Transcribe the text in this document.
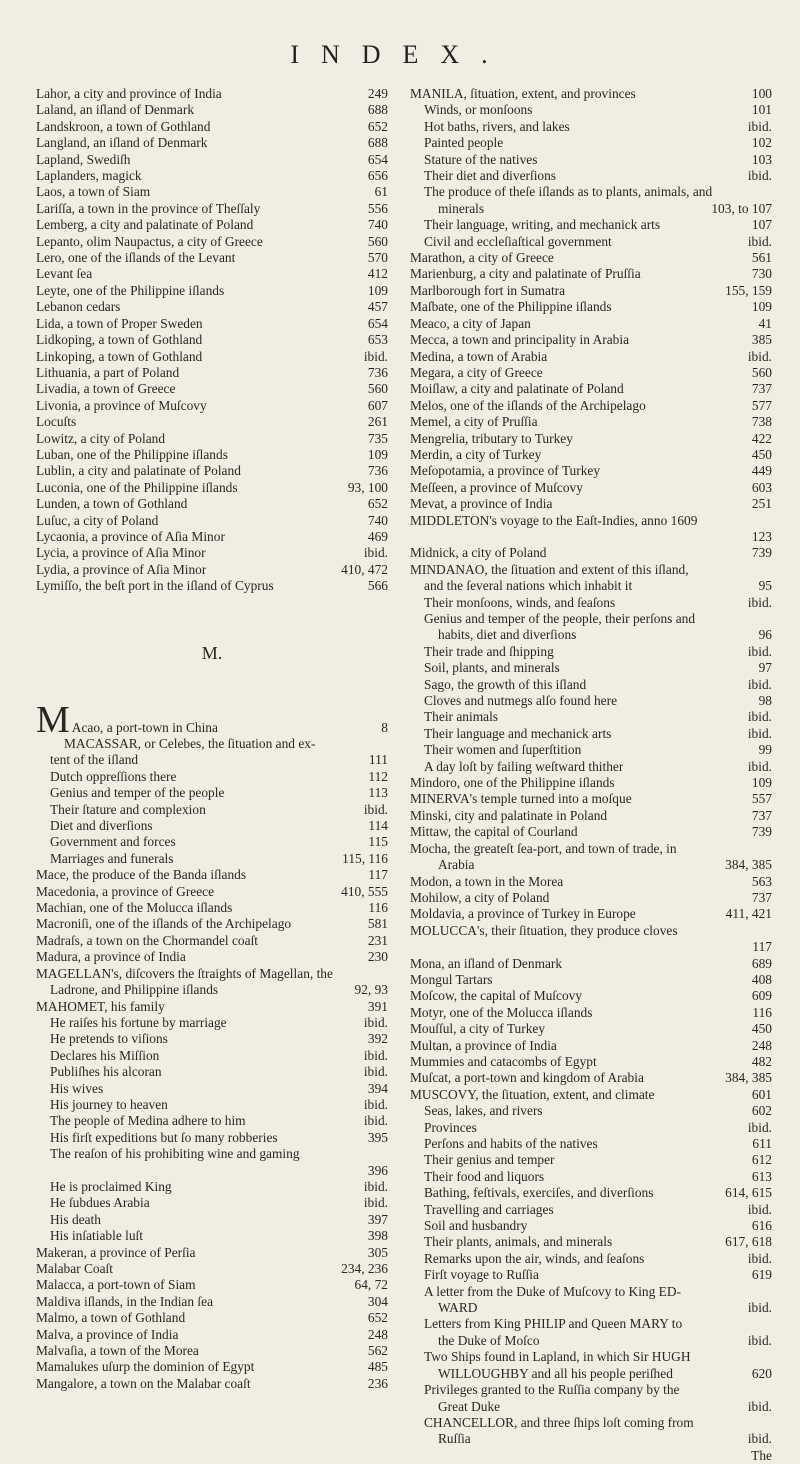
INDEX.
Lahor, a city and province of India	249
Laland, an iſland of Denmark	688
Landskroon, a town of Gothland	652
Langland, an iſland of Denmark	688
Lapland, Swediſh	654
Laplanders, magick	656
Laos, a town of Siam	61
Lariſſa, a town in the province of Theſſaly	556
Lemberg, a city and palatinate of Poland	740
Lepanto, olim Naupactus, a city of Greece	560
Lero, one of the iſlands of the Levant	570
Levant ſea	412
Leyte, one of the Philippine iſlands	109
Lebanon cedars	457
Lida, a town of Proper Sweden	654
Lidkoping, a town of Gothland	653
Linkoping, a town of Gothland	ibid.
Lithuania, a part of Poland	736
Livadia, a town of Greece	560
Livonia, a province of Muſcovy	607
Locuſts	261
Lowitz, a city of Poland	735
Luban, one of the Philippine iſlands	109
Lublin, a city and palatinate of Poland	736
Luconia, one of the Philippine iſlands	93, 100
Lunden, a town of Gothland	652
Luſuc, a city of Poland	740
Lycaonia, a province of Aſia Minor	469
Lycia, a province of Aſia Minor	ibid.
Lydia, a province of Aſia Minor	410, 472
Lymiſſo, the beſt port in the iſland of Cyprus	566
M.
M Acao, a port-town in China	8
MACASSAR, or Celebes, the ſituation and ex-
tent of the iſland	111
Dutch oppreſſions there	112
Genius and temper of the people	113
Their ſtature and complexion	ibid.
Diet and diverſions	114
Government and forces	115
Marriages and funerals	115, 116
Mace, the produce of the Banda iſlands	117
Macedonia, a province of Greece	410, 555
Machian, one of the Molucca iſlands	116
Macroniſi, one of the iſlands of the Archipelago	581
Madraſs, a town on the Chormandel coaſt	231
Madura, a province of India	230
MAGELLAN's, diſcovers the ſtraights of Magellan, the
Ladrone, and Philippine iſlands	92, 93
MAHOMET, his family	391
He raiſes his fortune by marriage	ibid.
He pretends to viſions	392
Declares his Miſſion	ibid.
Publiſhes his alcoran	ibid.
His wives	394
His journey to heaven	ibid.
The people of Medina adhere to him	ibid.
His firſt expeditions but ſo many robberies	395
The reaſon of his prohibiting wine and gaming
396
He is proclaimed King	ibid.
He ſubdues Arabia	ibid.
His death	397
His inſatiable luſt	398
Makeran, a province of Perſia	305
Malabar Coaſt	234, 236
Malacca, a port-town of Siam	64, 72
Maldiva iſlands, in the Indian ſea	304
Malmo, a town of Gothland	652
Malva, a province of India	248
Malvaſia, a town of the Morea	562
Mamalukes uſurp the dominion of Egypt	485
Mangalore, a town on the Malabar coaſt	236
MANILA, ſituation, extent, and provinces	100
Winds, or monſoons	101
Hot baths, rivers, and lakes	ibid.
Painted people	102
Stature of the natives	103
Their diet and diverſions	ibid.
The produce of theſe iſlands as to plants, animals, and
minerals	103, to 107
Their language, writing, and mechanick arts	107
Civil and eccleſiaſtical government	ibid.
Marathon, a city of Greece	561
Marienburg, a city and palatinate of Pruſſia	730
Marlborough fort in Sumatra	155, 159
Maſbate, one of the Philippine iſlands	109
Meaco, a city of Japan	41
Mecca, a town and principality in Arabia	385
Medina, a town of Arabia	ibid.
Megara, a city of Greece	560
Moiſlaw, a city and palatinate of Poland	737
Melos, one of the iſlands of the Archipelago	577
Memel, a city of Pruſſia	738
Mengrelia, tributary to Turkey	422
Merdin, a city of Turkey	450
Meſopotamia, a province of Turkey	449
Meſſeen, a province of Muſcovy	603
Mevat, a province of India	251
MIDDLETON's voyage to the Eaſt-Indies, anno 1609
123
Midnick, a city of Poland	739
MINDANAO, the ſituation and extent of this iſland,
and the ſeveral nations which inhabit it	95
Their monſoons, winds, and ſeaſons	ibid.
Genius and temper of the people, their perſons and
habits, diet and diverſions	96
Their trade and ſhipping	ibid.
Soil, plants, and minerals	97
Sago, the growth of this iſland	ibid.
Cloves and nutmegs alſo found here	98
Their animals	ibid.
Their language and mechanick arts	ibid.
Their women and ſuperſtition	99
A day loſt by failing weſtward thither	ibid.
Mindoro, one of the Philippine iſlands	109
MINERVA's temple turned into a moſque	557
Minski, city and palatinate in Poland	737
Mittaw, the capital of Courland	739
Mocha, the greateſt ſea-port, and town of trade, in
Arabia	384, 385
Modon, a town in the Morea	563
Mohilow, a city of Poland	737
Moldavia, a province of Turkey in Europe	411, 421
MOLUCCA's, their ſituation, they produce cloves
117
Mona, an iſland of Denmark	689
Mongul Tartars	408
Moſcow, the capital of Muſcovy	609
Motyr, one of the Molucca iſlands	116
Mouſſul, a city of Turkey	450
Multan, a province of India	248
Mummies and catacombs of Egypt	482
Muſcat, a port-town and kingdom of Arabia	384, 385
MUSCOVY, the ſituation, extent, and climate	601
Seas, lakes, and rivers	602
Provinces	ibid.
Perſons and habits of the natives	611
Their genius and temper	612
Their food and liquors	613
Bathing, feſtivals, exerciſes, and diverſions	614, 615
Travelling and carriages	ibid.
Soil and husbandry	616
Their plants, animals, and minerals	617, 618
Remarks upon the air, winds, and ſeaſons	ibid.
Firſt voyage to Ruſſia	619
A letter from the Duke of Muſcovy to King ED-
WARD	ibid.
Letters from King PHILIP and Queen MARY to
the Duke of Moſco	ibid.
Two Ships found in Lapland, in which Sir HUGH
WILLOUGHBY and all his people periſhed	620
Privileges granted to the Ruſſia company by the
Great Duke	ibid.
CHANCELLOR, and three ſhips loſt coming from
Ruſſia	ibid.
The
